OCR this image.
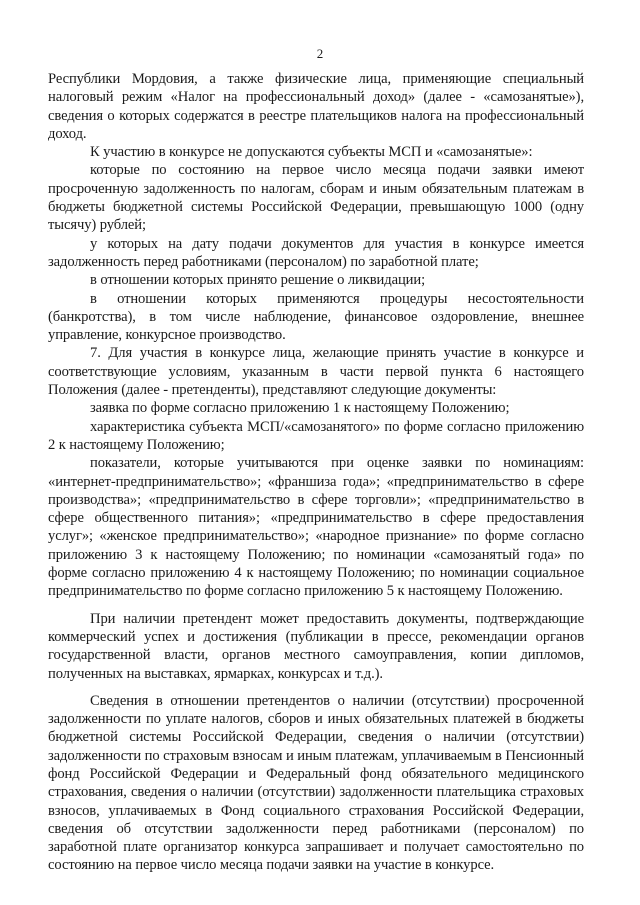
2

Республики Мордовия, а также физические лица, применяющие специальный налоговый режим «Налог на профессиональный доход» (далее - «самозанятые»), сведения о которых содержатся в реестре плательщиков налога на профессиональный доход.

К участию в конкурсе не допускаются субъекты МСП и «самозанятые»:

которые по состоянию на первое число месяца подачи заявки имеют просроченную задолженность по налогам, сборам и иным обязательным платежам в бюджеты бюджетной системы Российской Федерации, превышающую 1000 (одну тысячу) рублей;

у которых на дату подачи документов для участия в конкурсе имеется задолженность перед работниками (персоналом) по заработной плате;

в отношении которых принято решение о ликвидации;

в отношении которых применяются процедуры несостоятельности (банкротства), в том числе наблюдение, финансовое оздоровление, внешнее управление, конкурсное производство.

7. Для участия в конкурсе лица, желающие принять участие в конкурсе и соответствующие условиям, указанным в части первой пункта 6 настоящего Положения (далее - претенденты), представляют следующие документы:

заявка по форме согласно приложению 1 к настоящему Положению;

характеристика субъекта МСП/«самозанятого» по форме согласно приложению 2 к настоящему Положению;

показатели, которые учитываются при оценке заявки по номинациям: «интернет-предпринимательство»; «франшиза года»; «предпринимательство в сфере производства»; «предпринимательство в сфере торговли»; «предпринимательство в сфере общественного питания»; «предпринимательство в сфере предоставления услуг»; «женское предпринимательство»; «народное признание» по форме согласно приложению 3 к настоящему Положению; по номинации «самозанятый года» по форме согласно приложению 4 к настоящему Положению; по номинации социальное предпринимательство по форме согласно приложению 5 к настоящему Положению.

При наличии претендент может предоставить документы, подтверждающие коммерческий успех и достижения (публикации в прессе, рекомендации органов государственной власти, органов местного самоуправления, копии дипломов, полученных на выставках, ярмарках, конкурсах и т.д.).

Сведения в отношении претендентов о наличии (отсутствии) просроченной задолженности по уплате налогов, сборов и иных обязательных платежей в бюджеты бюджетной системы Российской Федерации, сведения о наличии (отсутствии) задолженности по страховым взносам и иным платежам, уплачиваемым в Пенсионный фонд Российской Федерации и Федеральный фонд обязательного медицинского страхования, сведения о наличии (отсутствии) задолженности плательщика страховых взносов, уплачиваемых в Фонд социального страхования Российской Федерации, сведения об отсутствии задолженности перед работниками (персоналом) по заработной плате организатор конкурса запрашивает и получает самостоятельно по состоянию на первое число месяца подачи заявки на участие в конкурсе.
